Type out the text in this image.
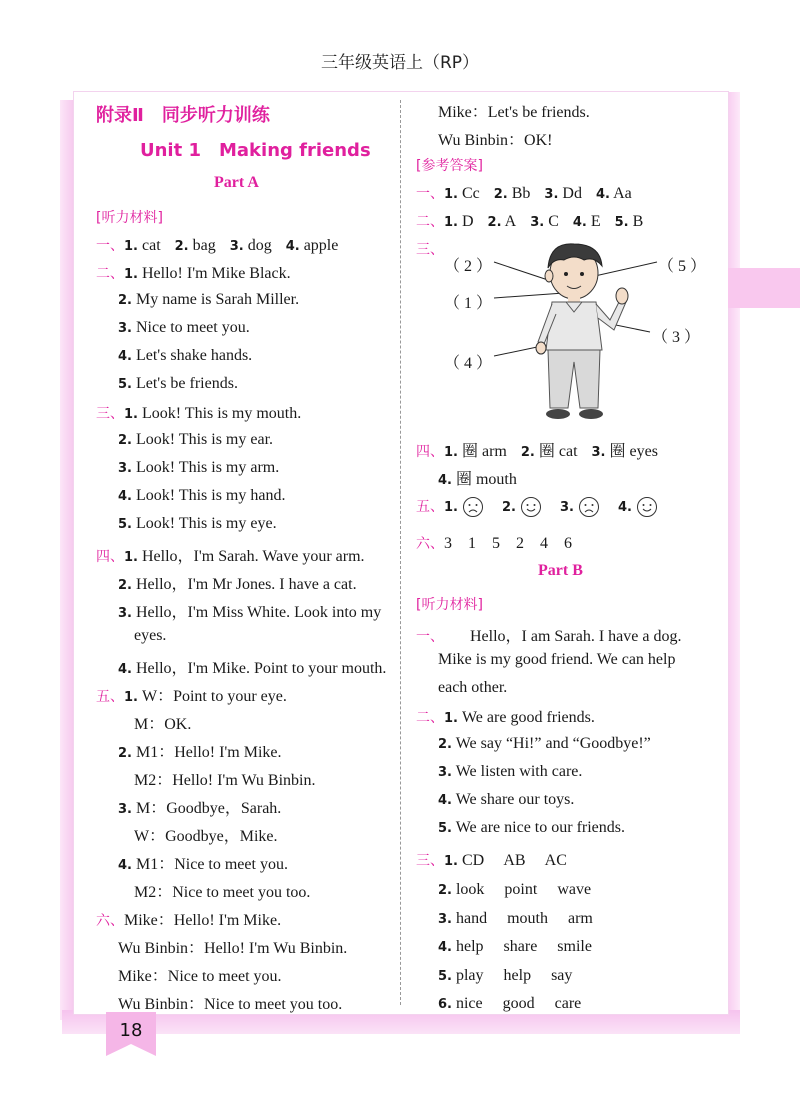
三年级英语上（RP）
18
附录Ⅱ　同步听力训练
Unit 1　Making friends
Part A
[听力材料]
一、1. cat 2. bag 3. dog 4. apple
二、1. Hello! I'm Mike Black.
2. My name is Sarah Miller.
3. Nice to meet you.
4. Let's shake hands.
5. Let's be friends.
三、1. Look! This is my mouth.
2. Look! This is my ear.
3. Look! This is my arm.
4. Look! This is my hand.
5. Look! This is my eye.
四、1. Hello，I'm Sarah. Wave your arm.
2. Hello，I'm Mr Jones. I have a cat.
3. Hello，I'm Miss White. Look into my
eyes.
4. Hello，I'm Mike. Point to your mouth.
五、1. W：Point to your eye.
M：OK.
2. M1：Hello! I'm Mike.
M2：Hello! I'm Wu Binbin.
3. M：Goodbye，Sarah.
W：Goodbye，Mike.
4. M1：Nice to meet you.
M2：Nice to meet you too.
六、Mike：Hello! I'm Mike.
Wu Binbin：Hello! I'm Wu Binbin.
Mike：Nice to meet you.
Wu Binbin：Nice to meet you too.
Mike：Let's be friends.
Wu Binbin：OK!
[参考答案]
一、1. Cc 2. Bb 3. Dd 4. Aa
二、1. D 2. A 3. C 4. E 5. B
三、
（ 2 ）
（ 1 ）
（ 4 ）
（ 5 ）
（ 3 ）
四、1. 圈 arm 2. 圈 cat 3. 圈 eyes
4. 圈 mouth
五、1.	2.	3.	4.
六、3　1　5　2　4　6
Part B
[听力材料]
一、 Hello，I am Sarah. I have a dog.
Mike is my good friend. We can help
each other.
二、1. We are good friends.
2. We say “Hi!” and “Goodbye!”
3. We listen with care.
4. We share our toys.
5. We are nice to our friends.
三、1. CD　 AB　 AC
2. look　 point　 wave
3. hand　 mouth　 arm
4. help　 share　 smile
5. play　 help　 say
6. nice　 good　 care
